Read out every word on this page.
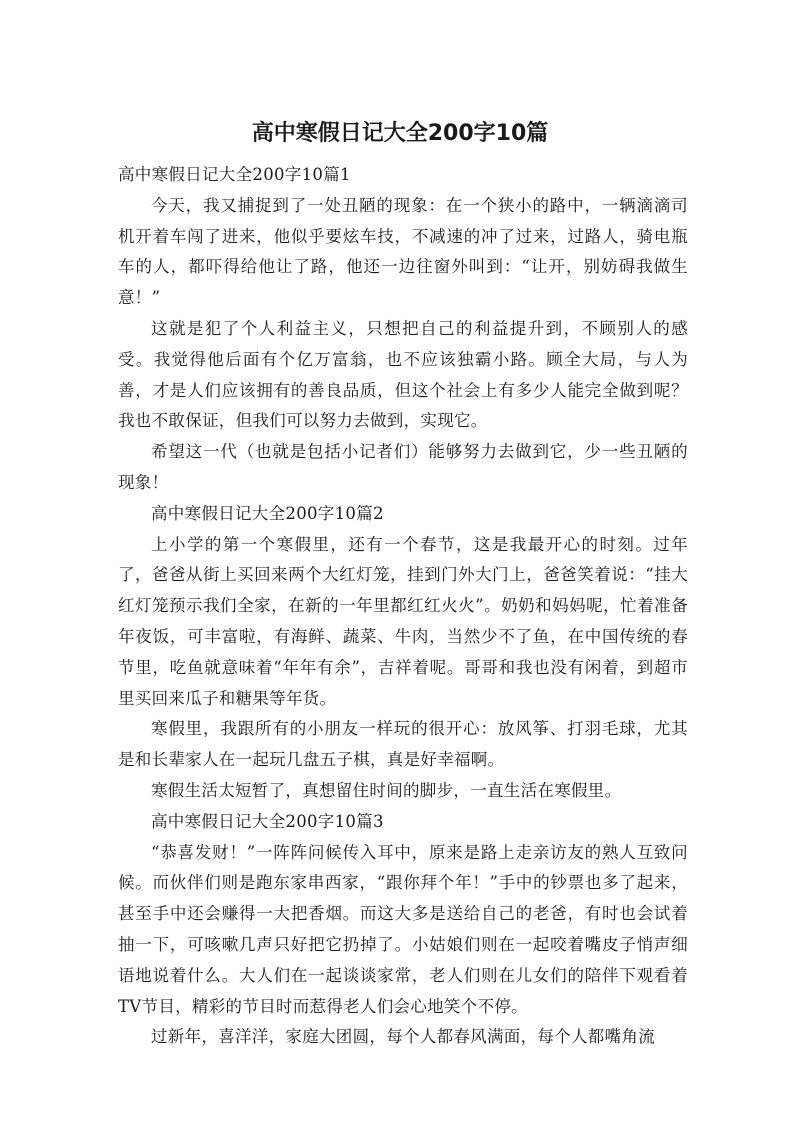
高中寒假日记大全200字10篇

高中寒假日记大全200字10篇1

今天，我又捕捉到了一处丑陋的现象：在一个狭小的路中，一辆滴滴司机开着车闯了进来，他似乎要炫车技，不减速的冲了过来，过路人，骑电瓶车的人，都吓得给他让了路，他还一边往窗外叫到：“让开，别妨碍我做生意！”

这就是犯了个人利益主义，只想把自己的利益提升到，不顾别人的感受。我觉得他后面有个亿万富翁，也不应该独霸小路。顾全大局，与人为善，才是人们应该拥有的善良品质，但这个社会上有多少人能完全做到呢？我也不敢保证，但我们可以努力去做到，实现它。

希望这一代（也就是包括小记者们）能够努力去做到它，少一些丑陋的现象！

高中寒假日记大全200字10篇2

上小学的第一个寒假里，还有一个春节，这是我最开心的时刻。过年了，爸爸从街上买回来两个大红灯笼，挂到门外大门上，爸爸笑着说：“挂大红灯笼预示我们全家，在新的一年里都红红火火”。奶奶和妈妈呢，忙着准备年夜饭，可丰富啦，有海鲜、蔬菜、牛肉，当然少不了鱼，在中国传统的春节里，吃鱼就意味着“年年有余”，吉祥着呢。哥哥和我也没有闲着，到超市里买回来瓜子和糖果等年货。

寒假里，我跟所有的小朋友一样玩的很开心：放风筝、打羽毛球，尤其是和长辈家人在一起玩几盘五子棋，真是好幸福啊。

寒假生活太短暂了，真想留住时间的脚步，一直生活在寒假里。

高中寒假日记大全200字10篇3

“恭喜发财！”一阵阵问候传入耳中，原来是路上走亲访友的熟人互致问候。而伙伴们则是跑东家串西家，“跟你拜个年！”手中的钞票也多了起来，甚至手中还会赚得一大把香烟。而这大多是送给自己的老爸，有时也会试着抽一下，可咳嗽几声只好把它扔掉了。小姑娘们则在一起咬着嘴皮子悄声细语地说着什么。大人们在一起谈谈家常，老人们则在儿女们的陪伴下观看着TV节目，精彩的节目时而惹得老人们会心地笑个不停。

过新年，喜洋洋，家庭大团圆，每个人都春风满面，每个人都嘴角流
